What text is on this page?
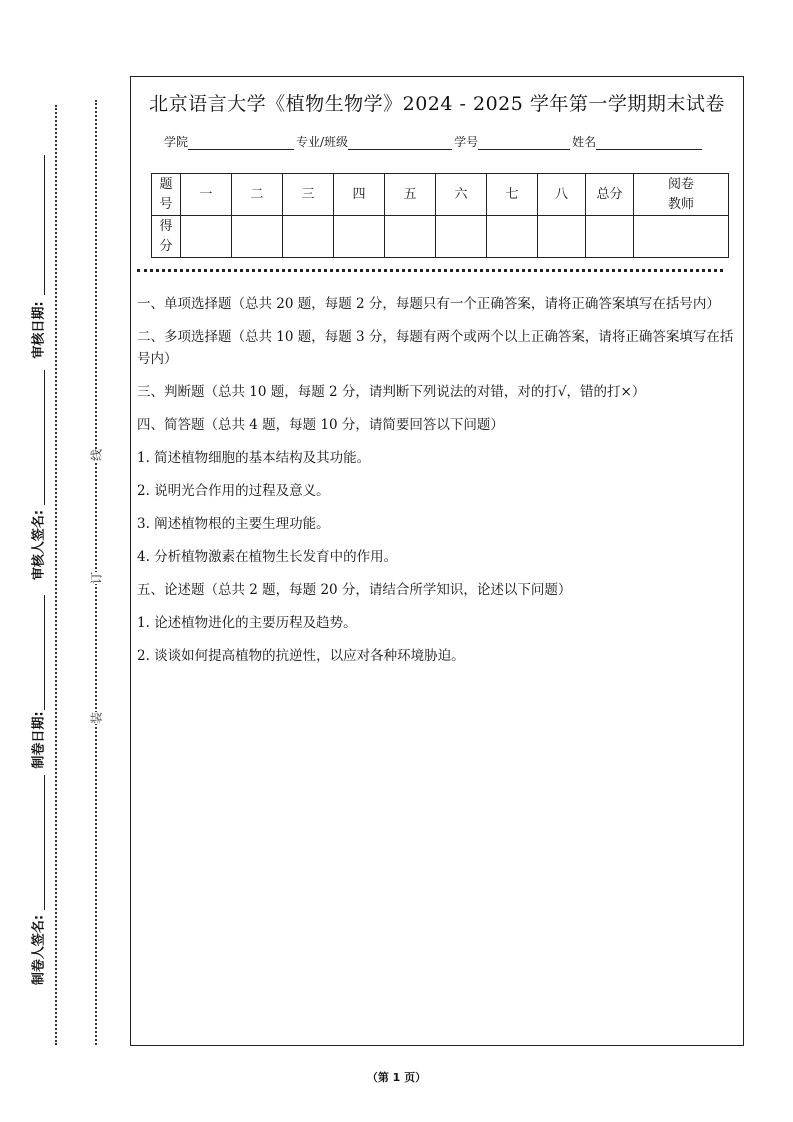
审核日期:
审核人签名:
制卷日期:
制卷人签名:
线
订
装
北京语言大学《植物生物学》2024 - 2025 学年第一学期期末试卷
学院	专业/班级	学号	姓名
题号	一	二	三	四	五	六	七	八	总分	阅卷教师
得分										

一、单项选择题（总共 20 题，每题 2 分，每题只有一个正确答案，请将正确答案填写在括号内）

二、多项选择题（总共 10 题，每题 3 分，每题有两个或两个以上正确答案，请将正确答案填写在括号内）

三、判断题（总共 10 题，每题 2 分，请判断下列说法的对错，对的打√，错的打×）

四、简答题（总共 4 题，每题 10 分，请简要回答以下问题）

1. 简述植物细胞的基本结构及其功能。

2. 说明光合作用的过程及意义。

3. 阐述植物根的主要生理功能。

4. 分析植物激素在植物生长发育中的作用。

五、论述题（总共 2 题，每题 20 分，请结合所学知识，论述以下问题）

1. 论述植物进化的主要历程及趋势。

2. 谈谈如何提高植物的抗逆性，以应对各种环境胁迫。

（第 1 页）
